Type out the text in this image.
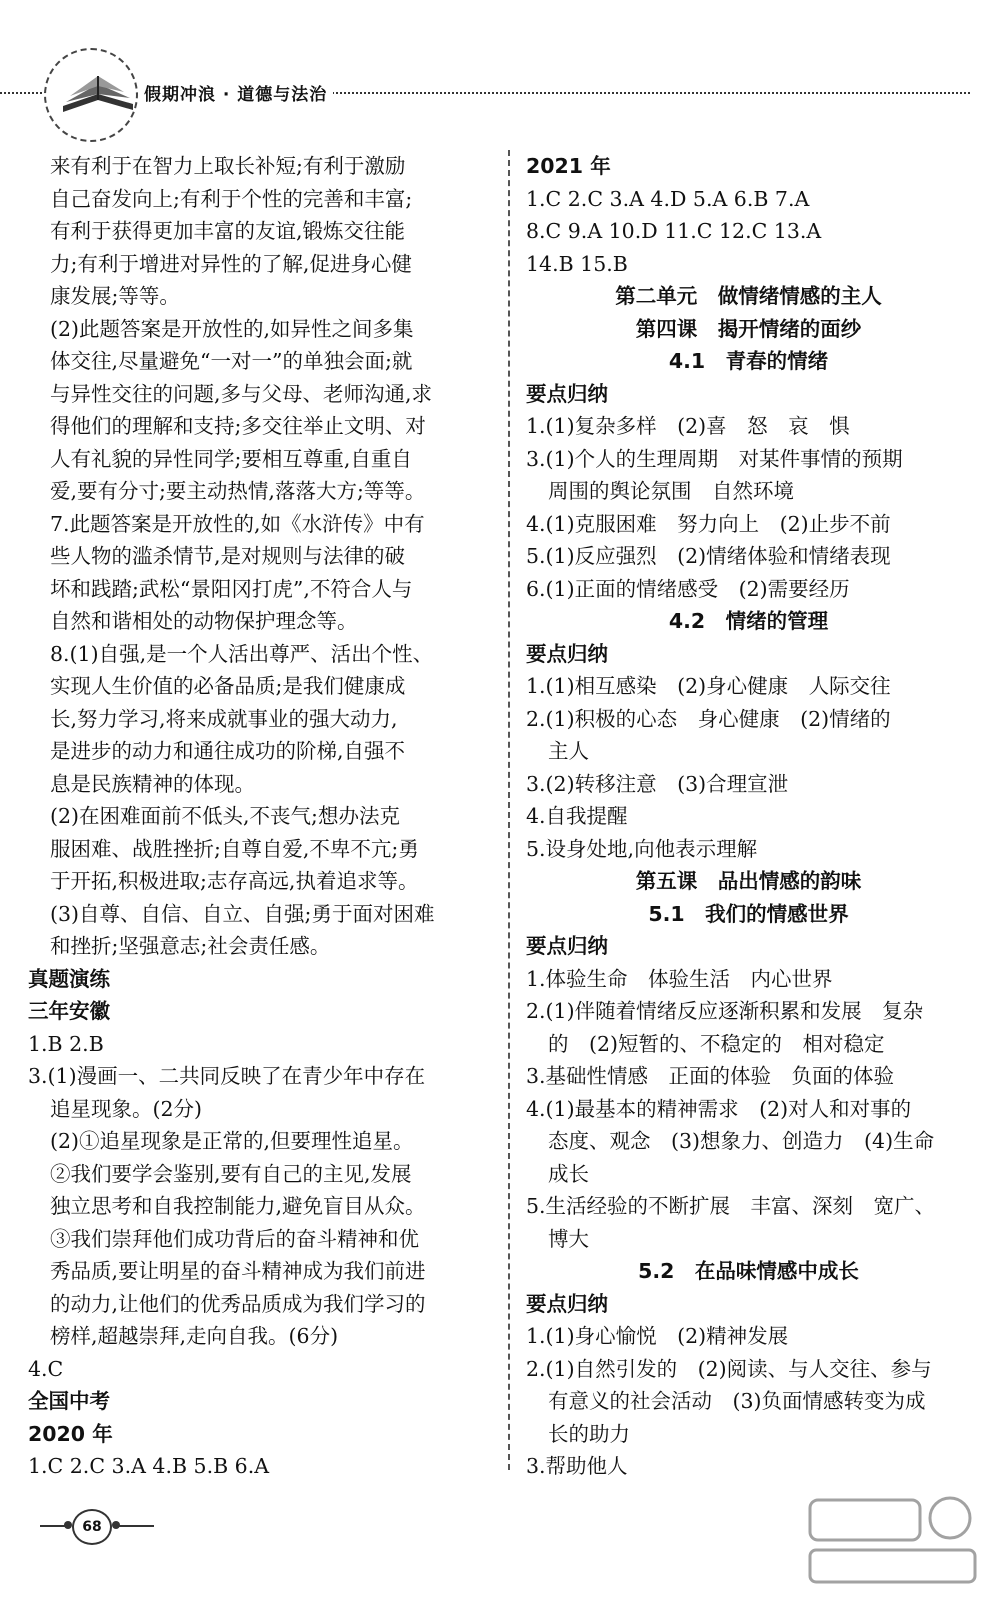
假期冲浪 · 道德与法治
来有利于在智力上取长补短;有利于激励
自己奋发向上;有利于个性的完善和丰富;
有利于获得更加丰富的友谊,锻炼交往能
力;有利于增进对异性的了解,促进身心健
康发展;等等。
(2)此题答案是开放性的,如异性之间多集
体交往,尽量避免“一对一”的单独会面;就
与异性交往的问题,多与父母、老师沟通,求
得他们的理解和支持;多交往举止文明、对
人有礼貌的异性同学;要相互尊重,自重自
爱,要有分寸;要主动热情,落落大方;等等。
7.此题答案是开放性的,如《水浒传》中有
些人物的滥杀情节,是对规则与法律的破
坏和践踏;武松“景阳冈打虎”,不符合人与
自然和谐相处的动物保护理念等。
8.(1)自强,是一个人活出尊严、活出个性、
实现人生价值的必备品质;是我们健康成
长,努力学习,将来成就事业的强大动力,
是进步的动力和通往成功的阶梯,自强不
息是民族精神的体现。
(2)在困难面前不低头,不丧气;想办法克
服困难、战胜挫折;自尊自爱,不卑不亢;勇
于开拓,积极进取;志存高远,执着追求等。
(3)自尊、自信、自立、自强;勇于面对困难
和挫折;坚强意志;社会责任感。
真题演练
三年安徽
1.B 2.B
3.(1)漫画一、二共同反映了在青少年中存在
追星现象。(2分)
(2)①追星现象是正常的,但要理性追星。
②我们要学会鉴别,要有自己的主见,发展
独立思考和自我控制能力,避免盲目从众。
③我们崇拜他们成功背后的奋斗精神和优
秀品质,要让明星的奋斗精神成为我们前进
的动力,让他们的优秀品质成为我们学习的
榜样,超越崇拜,走向自我。(6分)
4.C
全国中考
2020 年
1.C 2.C 3.A 4.B 5.B 6.A
2021 年
1.C 2.C 3.A 4.D 5.A 6.B 7.A
8.C 9.A 10.D 11.C 12.C 13.A
14.B 15.B
第二单元　做情绪情感的主人
第四课　揭开情绪的面纱
4.1　青春的情绪
要点归纳
1.(1)复杂多样　(2)喜　怒　哀　惧
3.(1)个人的生理周期　对某件事情的预期
周围的舆论氛围　自然环境
4.(1)克服困难　努力向上　(2)止步不前
5.(1)反应强烈　(2)情绪体验和情绪表现
6.(1)正面的情绪感受　(2)需要经历
4.2　情绪的管理
要点归纳
1.(1)相互感染　(2)身心健康　人际交往
2.(1)积极的心态　身心健康　(2)情绪的
主人
3.(2)转移注意　(3)合理宣泄
4.自我提醒
5.设身处地,向他表示理解
第五课　品出情感的韵味
5.1　我们的情感世界
要点归纳
1.体验生命　体验生活　内心世界
2.(1)伴随着情绪反应逐渐积累和发展　复杂
的　(2)短暂的、不稳定的　相对稳定
3.基础性情感　正面的体验　负面的体验
4.(1)最基本的精神需求　(2)对人和对事的
态度、观念　(3)想象力、创造力　(4)生命
成长
5.生活经验的不断扩展　丰富、深刻　宽广、
博大
5.2　在品味情感中成长
要点归纳
1.(1)身心愉悦　(2)精神发展
2.(1)自然引发的　(2)阅读、与人交往、参与
有意义的社会活动　(3)负面情感转变为成
长的助力
3.帮助他人
68
